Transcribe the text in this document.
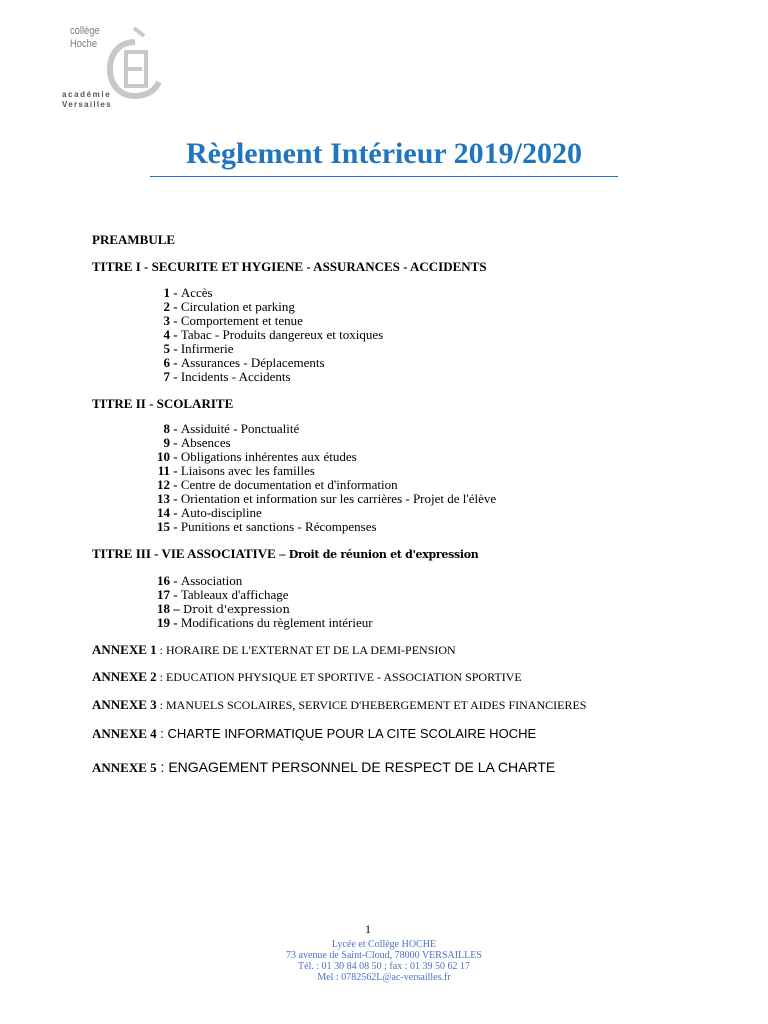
collège
Hoche
académie
Versailles
Règlement Intérieur 2019/2020
PREAMBULE
TITRE I - SECURITE ET HYGIENE - ASSURANCES - ACCIDENTS
1 - Accès
2 - Circulation et parking
3 - Comportement et tenue
4 - Tabac - Produits dangereux et toxiques
5 - Infirmerie
6 - Assurances - Déplacements
7 - Incidents - Accidents
TITRE II - SCOLARITE
8 - Assiduité - Ponctualité
9 - Absences
10 - Obligations inhérentes aux études
11 - Liaisons avec les familles
12 - Centre de documentation et d'information
13 - Orientation et information sur les carrières - Projet de l'élève
14 - Auto-discipline
15 - Punitions et sanctions - Récompenses
TITRE III - VIE ASSOCIATIVE – Droit de réunion et d'expression
16 - Association
17 - Tableaux d'affichage
18 – Droit d'expression
19 - Modifications du règlement intérieur
ANNEXE 1 : HORAIRE DE L'EXTERNAT ET DE LA DEMI-PENSION
ANNEXE 2 : EDUCATION PHYSIQUE ET SPORTIVE - ASSOCIATION SPORTIVE
ANNEXE 3 : MANUELS SCOLAIRES, SERVICE D'HEBERGEMENT ET AIDES FINANCIERES
ANNEXE 4 : CHARTE INFORMATIQUE POUR LA CITE SCOLAIRE HOCHE
ANNEXE 5 : ENGAGEMENT PERSONNEL DE RESPECT DE LA CHARTE
1
Lycée et Collège HOCHE
73 avenue de Saint-Cloud, 78000 VERSAILLES
Tél. : 01 30 84 08 50 ; fax : 01 39 50 62 17
Mel : 0782562L@ac-versailles.fr
